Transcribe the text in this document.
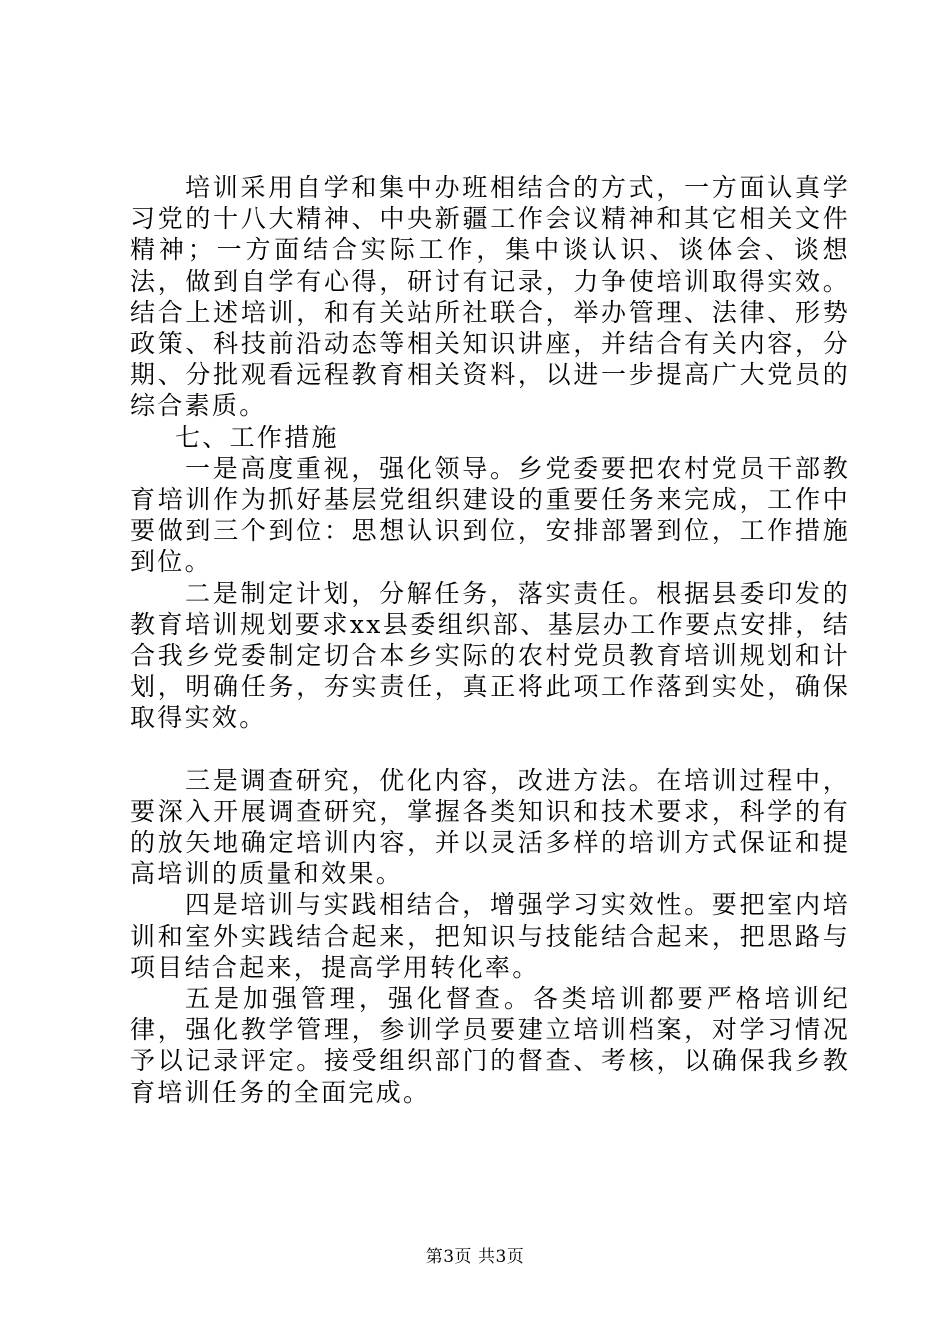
培训采用自学和集中办班相结合的方式，一方面认真学习党的十八大精神、中央新疆工作会议精神和其它相关文件精神；一方面结合实际工作，集中谈认识、谈体会、谈想法，做到自学有心得，研讨有记录，力争使培训取得实效。结合上述培训，和有关站所社联合，举办管理、法律、形势政策、科技前沿动态等相关知识讲座，并结合有关内容，分期、分批观看远程教育相关资料，以进一步提高广大党员的综合素质。

七、工作措施

一是高度重视，强化领导。乡党委要把农村党员干部教育培训作为抓好基层党组织建设的重要任务来完成，工作中要做到三个到位：思想认识到位，安排部署到位，工作措施到位。

二是制定计划，分解任务，落实责任。根据县委印发的教育培训规划要求xx县委组织部、基层办工作要点安排，结合我乡党委制定切合本乡实际的农村党员教育培训规划和计划，明确任务，夯实责任，真正将此项工作落到实处，确保取得实效。

三是调查研究，优化内容，改进方法。在培训过程中，要深入开展调查研究，掌握各类知识和技术要求，科学的有的放矢地确定培训内容，并以灵活多样的培训方式保证和提高培训的质量和效果。

四是培训与实践相结合，增强学习实效性。要把室内培训和室外实践结合起来，把知识与技能结合起来，把思路与项目结合起来，提高学用转化率。

五是加强管理，强化督查。各类培训都要严格培训纪律，强化教学管理，参训学员要建立培训档案，对学习情况予以记录评定。接受组织部门的督查、考核，以确保我乡教育培训任务的全面完成。

第3页 共3页
